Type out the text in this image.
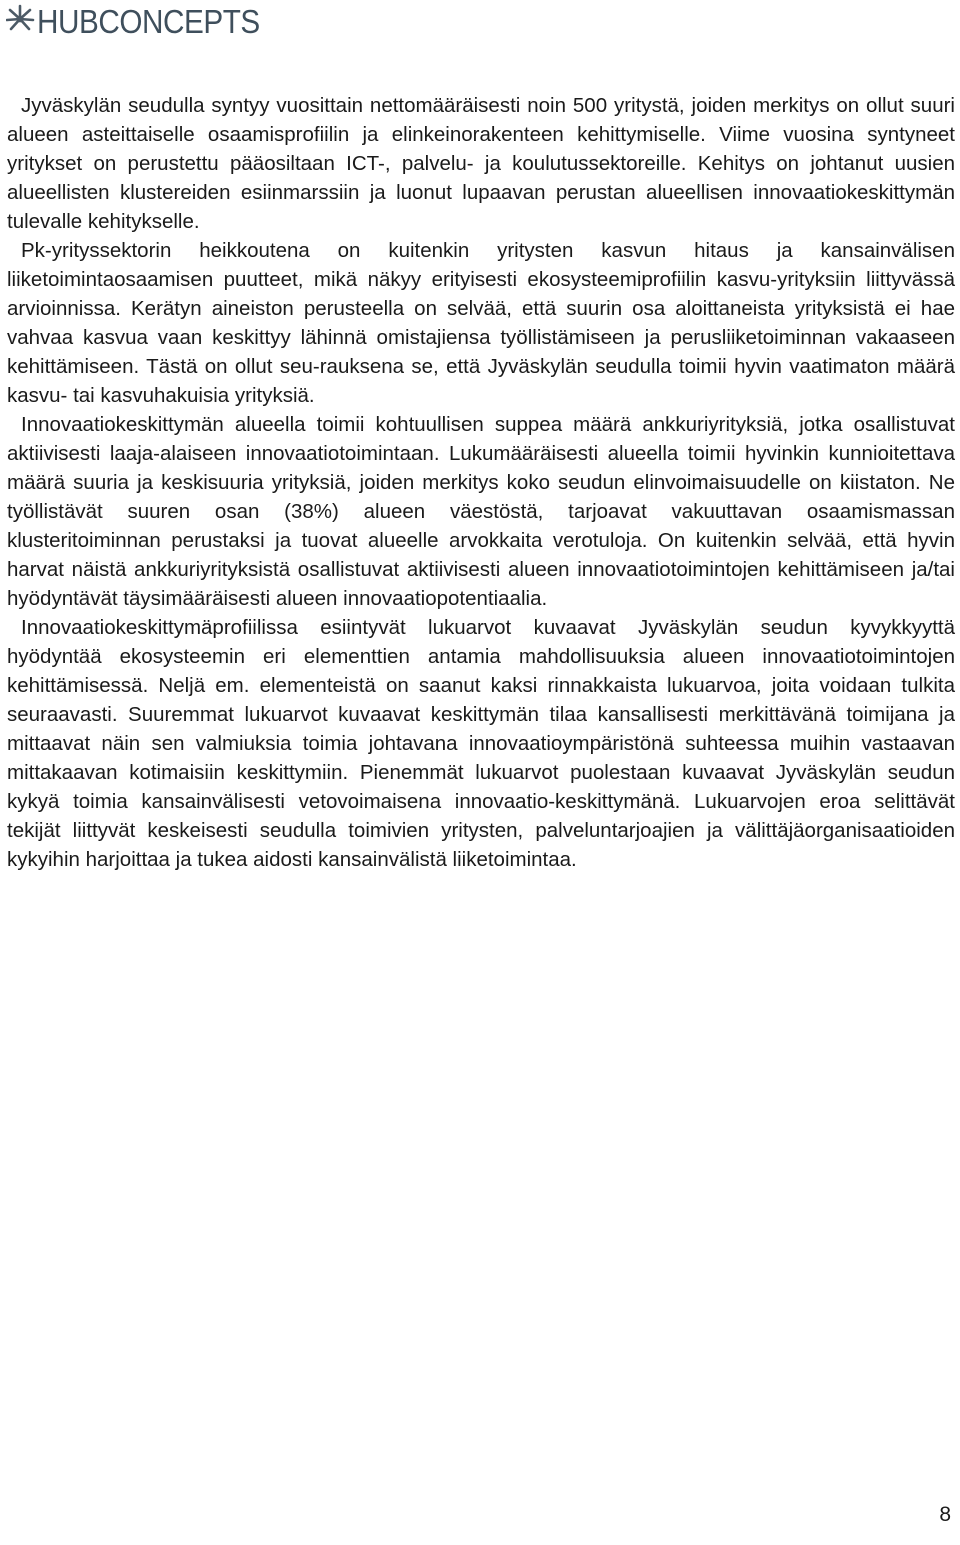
HUBCONCEPTS

Jyväskylän seudulla syntyy vuosittain nettomääräisesti noin 500 yritystä, joiden merkitys on ollut suuri alueen asteittaiselle osaamisprofiilin ja elinkeinorakenteen kehittymiselle. Viime vuosina syntyneet yritykset on perustettu pääosiltaan ICT-, palvelu- ja koulutussektoreille. Kehitys on johtanut uusien alueellisten klustereiden esiinmarssiin ja luonut lupaavan perustan alueellisen innovaatiokeskittymän tulevalle kehitykselle.

Pk-yrityssektorin heikkoutena on kuitenkin yritysten kasvun hitaus ja kansainvälisen liiketoimintaosaamisen puutteet, mikä näkyy erityisesti ekosysteemiprofiilin kasvu-yrityksiin liittyvässä arvioinnissa. Kerätyn aineiston perusteella on selvää, että suurin osa aloittaneista yrityksistä ei hae vahvaa kasvua vaan keskittyy lähinnä omistajiensa työllistämiseen ja perusliiketoiminnan vakaaseen kehittämiseen. Tästä on ollut seu-rauksena se, että Jyväskylän seudulla toimii hyvin vaatimaton määrä kasvu- tai kasvuhakuisia yrityksiä.

Innovaatiokeskittymän alueella toimii kohtuullisen suppea määrä ankkuriyrityksiä, jotka osallistuvat aktiivisesti laaja-alaiseen innovaatiotoimintaan. Lukumääräisesti alueella toimii hyvinkin kunnioitettava määrä suuria ja keskisuuria yrityksiä, joiden merkitys koko seudun elinvoimaisuudelle on kiistaton. Ne työllistävät suuren osan (38%) alueen väestöstä, tarjoavat vakuuttavan osaamismassan klusteritoiminnan perustaksi ja tuovat alueelle arvokkaita verotuloja. On kuitenkin selvää, että hyvin harvat näistä ankkuriyrityksistä osallistuvat aktiivisesti alueen innovaatiotoimintojen kehittämiseen ja/tai hyödyntävät täysimääräisesti alueen innovaatiopotentiaalia.

Innovaatiokeskittymäprofiilissa esiintyvät lukuarvot kuvaavat Jyväskylän seudun kyvykkyyttä hyödyntää ekosysteemin eri elementtien antamia mahdollisuuksia alueen innovaatiotoimintojen kehittämisessä. Neljä em. elementeistä on saanut kaksi rinnakkaista lukuarvoa, joita voidaan tulkita seuraavasti. Suuremmat lukuarvot kuvaavat keskittymän tilaa kansallisesti merkittävänä toimijana ja mittaavat näin sen valmiuksia toimia johtavana innovaatioympäristönä suhteessa muihin vastaavan mittakaavan kotimaisiin keskittymiin. Pienemmät lukuarvot puolestaan kuvaavat Jyväskylän seudun kykyä toimia kansainvälisesti vetovoimaisena innovaatio-keskittymänä. Lukuarvojen eroa selittävät tekijät liittyvät keskeisesti seudulla toimivien yritysten, palveluntarjoajien ja välittäjäorganisaatioiden kykyihin harjoittaa ja tukea aidosti kansainvälistä liiketoimintaa.

8
